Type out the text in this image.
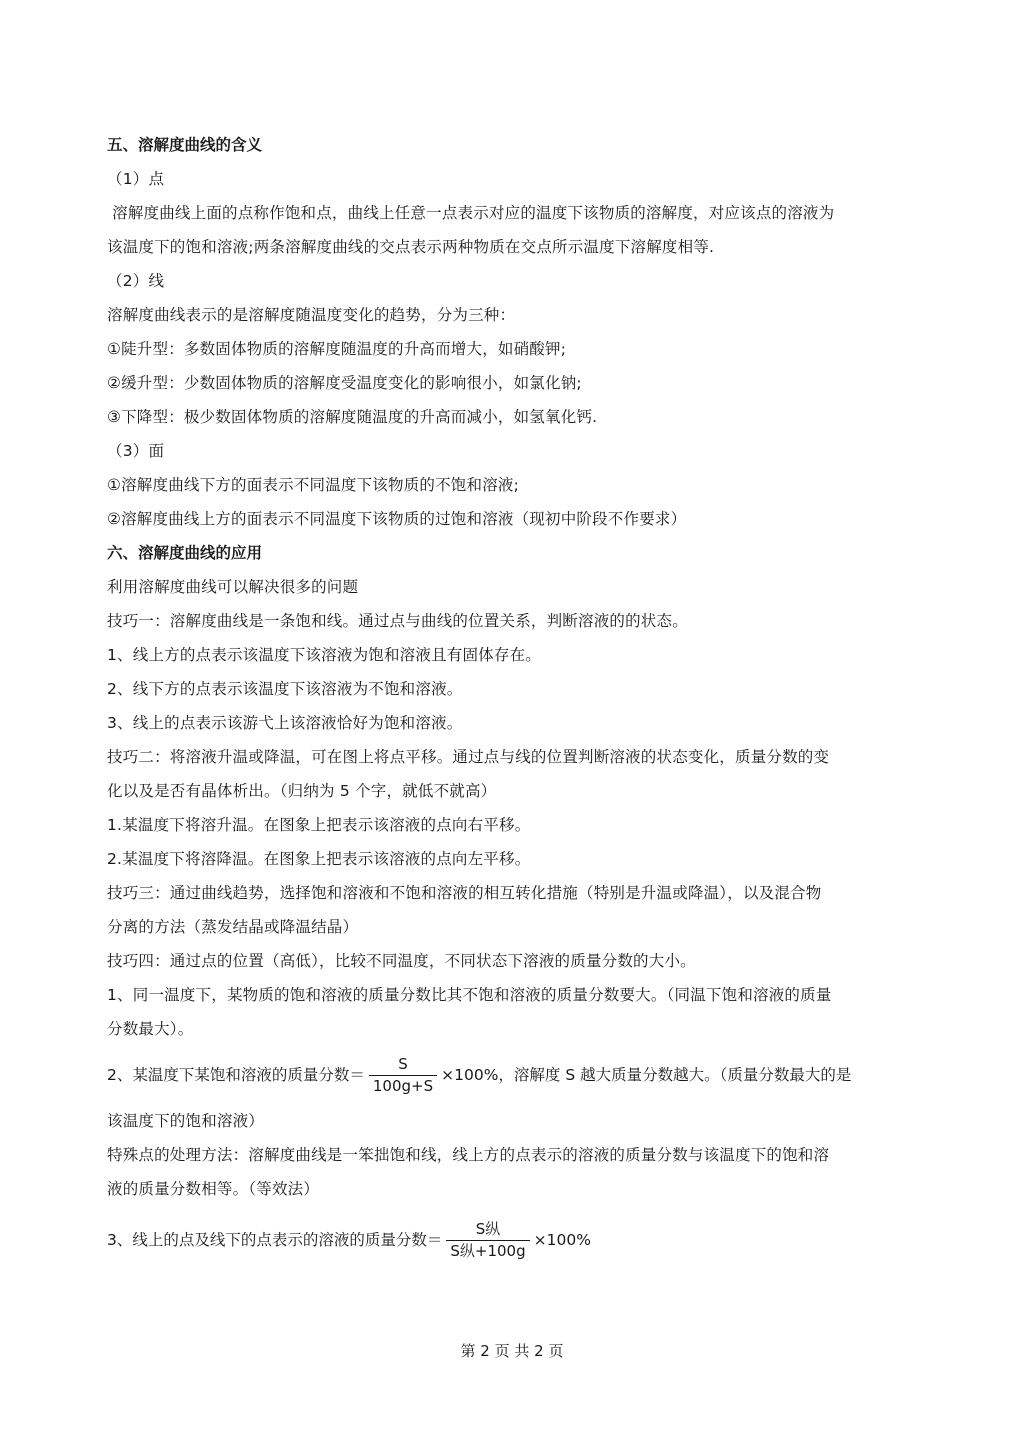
五、溶解度曲线的含义

（1）点

溶解度曲线上面的点称作饱和点，曲线上任意一点表示对应的温度下该物质的溶解度，对应该点的溶液为

该温度下的饱和溶液;两条溶解度曲线的交点表示两种物质在交点所示温度下溶解度相等.

（2）线

溶解度曲线表示的是溶解度随温度变化的趋势，分为三种：

①陡升型：多数固体物质的溶解度随温度的升高而增大，如硝酸钾;

②缓升型：少数固体物质的溶解度受温度变化的影响很小，如氯化钠;

③下降型：极少数固体物质的溶解度随温度的升高而减小，如氢氧化钙.

（3）面

①溶解度曲线下方的面表示不同温度下该物质的不饱和溶液;

②溶解度曲线上方的面表示不同温度下该物质的过饱和溶液（现初中阶段不作要求）

六、溶解度曲线的应用

利用溶解度曲线可以解决很多的问题

技巧一：溶解度曲线是一条饱和线。通过点与曲线的位置关系，判断溶液的的状态。

1、线上方的点表示该温度下该溶液为饱和溶液且有固体存在。

2、线下方的点表示该温度下该溶液为不饱和溶液。

3、线上的点表示该游弋上该溶液恰好为饱和溶液。

技巧二：将溶液升温或降温，可在图上将点平移。通过点与线的位置判断溶液的状态变化，质量分数的变

化以及是否有晶体析出。（归纳为 5 个字，就低不就高）

1.某温度下将溶升温。在图象上把表示该溶液的点向右平移。

2.某温度下将溶降温。在图象上把表示该溶液的点向左平移。

技巧三：通过曲线趋势，选择饱和溶液和不饱和溶液的相互转化措施（特别是升温或降温），以及混合物

分离的方法（蒸发结晶或降温结晶）

技巧四：通过点的位置（高低），比较不同温度，不同状态下溶液的质量分数的大小。

1、同一温度下，某物质的饱和溶液的质量分数比其不饱和溶液的质量分数要大。（同温下饱和溶液的质量

分数最大）。

2、某温度下某饱和溶液的质量分数＝ $\frac{S}{100g+S} \times 100\%$，溶解度 S 越大质量分数越大。（质量分数最大的是

该温度下的饱和溶液）

特殊点的处理方法：溶解度曲线是一笨拙饱和线，线上方的点表示的溶液的质量分数与该温度下的饱和溶

液的质量分数相等。（等效法）

3、线上的点及线下的点表示的溶液的质量分数＝ $\frac{\text{S纵}}{\text{S纵+100g}} \times 100\%$
第 2 页 共 2 页
